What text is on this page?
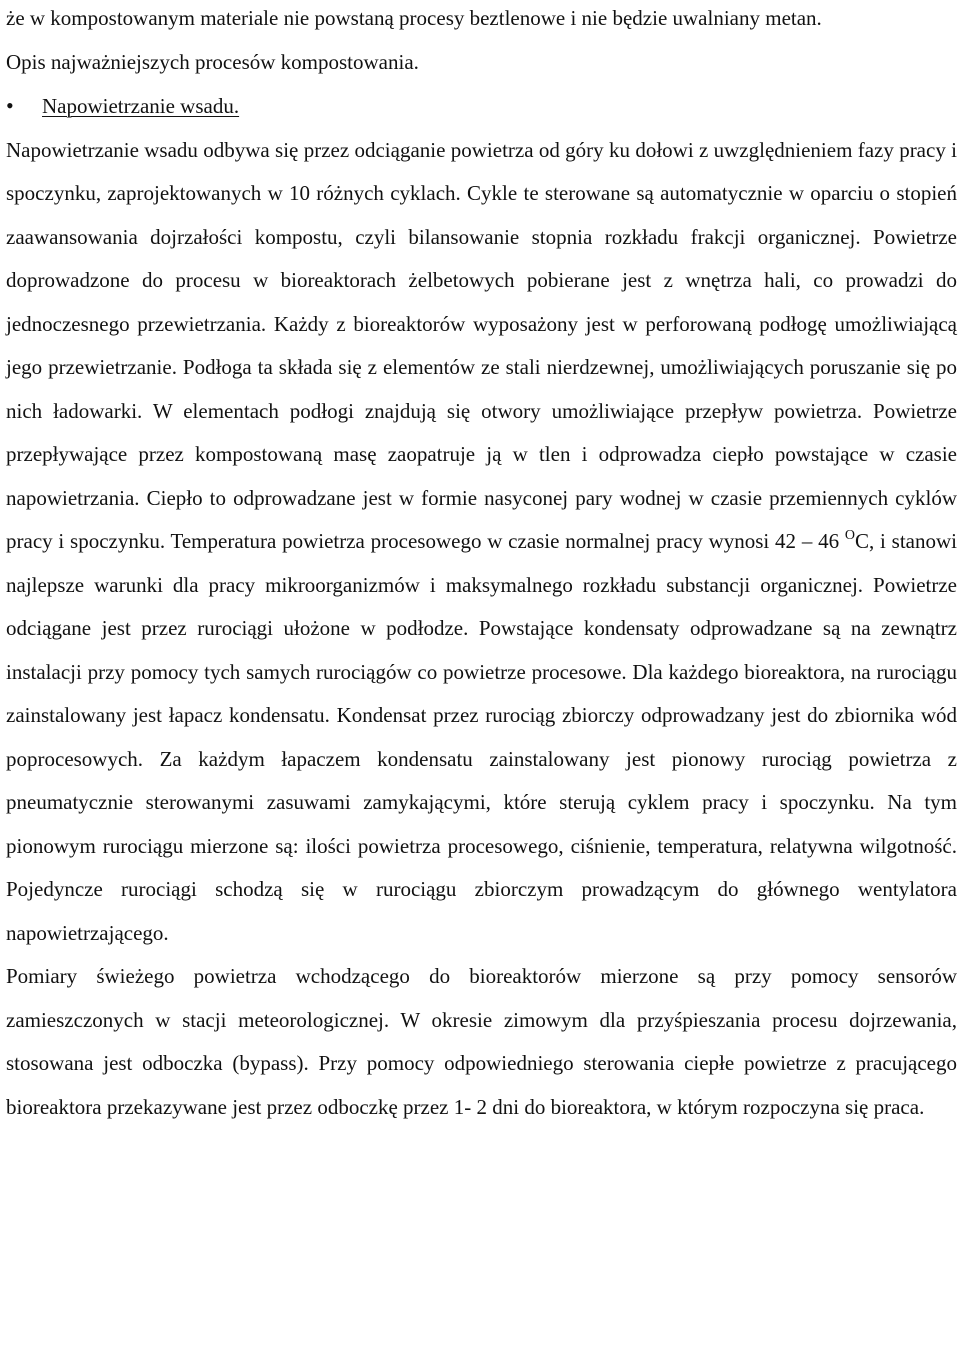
że w kompostowanym materiale nie powstaną procesy beztlenowe i nie będzie uwalniany metan.

Opis najważniejszych procesów kompostowania.

•	Napowietrzanie wsadu.

Napowietrzanie wsadu odbywa się przez odciąganie powietrza od góry ku dołowi z uwzględnieniem fazy pracy i spoczynku, zaprojektowanych w 10 różnych cyklach. Cykle te sterowane są automatycznie w oparciu o stopień zaawansowania dojrzałości kompostu, czyli bilansowanie stopnia rozkładu frakcji organicznej. Powietrze doprowadzone do procesu w bioreaktorach żelbetowych pobierane jest z wnętrza hali, co prowadzi do jednoczesnego przewietrzania. Każdy z bioreaktorów wyposażony jest w perforowaną podłogę umożliwiającą jego przewietrzanie. Podłoga ta składa się z elementów ze stali nierdzewnej, umożliwiających poruszanie się po nich ładowarki. W elementach podłogi znajdują się otwory umożliwiające przepływ powietrza. Powietrze przepływające przez kompostowaną masę zaopatruje ją w tlen i odprowadza ciepło powstające w czasie napowietrzania. Ciepło to odprowadzane jest w formie nasyconej pary wodnej w czasie przemiennych cyklów pracy i spoczynku. Temperatura powietrza procesowego w czasie normalnej pracy wynosi 42 – 46 $^O$C, i stanowi najlepsze warunki dla pracy mikroorganizmów i maksymalnego rozkładu substancji organicznej. Powietrze odciągane jest przez rurociągi ułożone w podłodze. Powstające kondensaty odprowadzane są na zewnątrz instalacji przy pomocy tych samych rurociągów co powietrze procesowe. Dla każdego bioreaktora, na rurociągu zainstalowany jest łapacz kondensatu. Kondensat przez rurociąg zbiorczy odprowadzany jest do zbiornika wód poprocesowych. Za każdym łapaczem kondensatu zainstalowany jest pionowy rurociąg powietrza z pneumatycznie sterowanymi zasuwami zamykającymi, które sterują cyklem pracy i spoczynku. Na tym pionowym rurociągu mierzone są: ilości powietrza procesowego, ciśnienie, temperatura, relatywna wilgotność. Pojedyncze rurociągi schodzą się w rurociągu zbiorczym prowadzącym do głównego wentylatora napowietrzającego.

Pomiary świeżego powietrza wchodzącego do bioreaktorów mierzone są przy pomocy sensorów zamieszczonych w stacji meteorologicznej. W okresie zimowym dla przyśpieszania procesu dojrzewania, stosowana jest odboczka (bypass). Przy pomocy odpowiedniego sterowania ciepłe powietrze z pracującego bioreaktora przekazywane jest przez odboczkę przez 1- 2 dni do bioreaktora, w którym rozpoczyna się praca.
